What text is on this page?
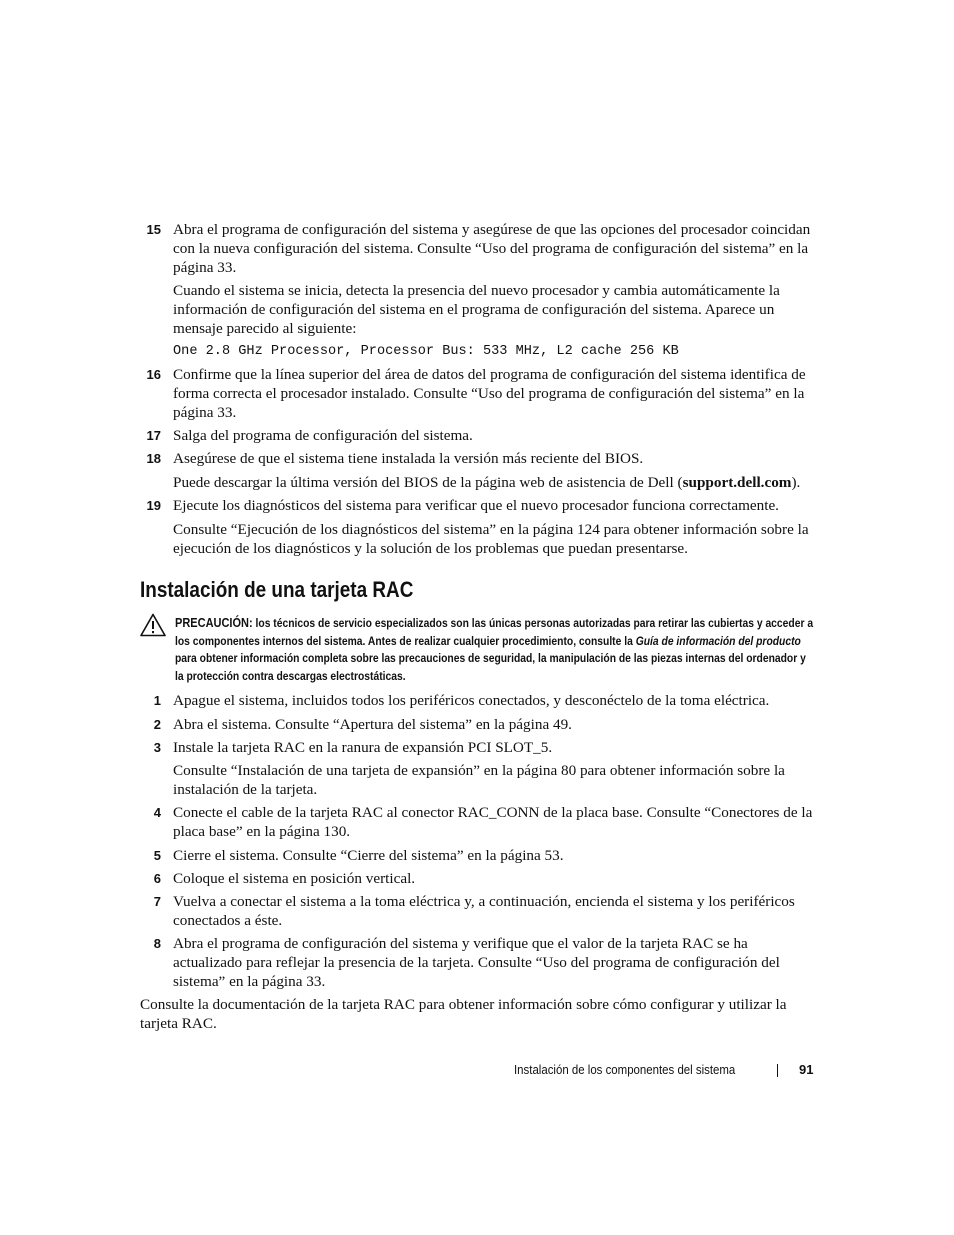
15 Abra el programa de configuración del sistema y asegúrese de que las opciones del procesador coincidan con la nueva configuración del sistema. Consulte “Uso del programa de configuración del sistema” en la página 33.
Cuando el sistema se inicia, detecta la presencia del nuevo procesador y cambia automáticamente la información de configuración del sistema en el programa de configuración del sistema. Aparece un mensaje parecido al siguiente:
One 2.8 GHz Processor, Processor Bus: 533 MHz, L2 cache 256 KB
16 Confirme que la línea superior del área de datos del programa de configuración del sistema identifica de forma correcta el procesador instalado. Consulte “Uso del programa de configuración del sistema” en la página 33.
17 Salga del programa de configuración del sistema.
18 Asegúrese de que el sistema tiene instalada la versión más reciente del BIOS.
Puede descargar la última versión del BIOS de la página web de asistencia de Dell (support.dell.com).
19 Ejecute los diagnósticos del sistema para verificar que el nuevo procesador funciona correctamente.
Consulte “Ejecución de los diagnósticos del sistema” en la página 124 para obtener información sobre la ejecución de los diagnósticos y la solución de los problemas que puedan presentarse.
Instalación de una tarjeta RAC
PRECAUCIÓN: los técnicos de servicio especializados son las únicas personas autorizadas para retirar las cubiertas y acceder a los componentes internos del sistema. Antes de realizar cualquier procedimiento, consulte la Guía de información del producto para obtener información completa sobre las precauciones de seguridad, la manipulación de las piezas internas del ordenador y la protección contra descargas electrostáticas.
1 Apague el sistema, incluidos todos los periféricos conectados, y desconéctelo de la toma eléctrica.
2 Abra el sistema. Consulte “Apertura del sistema” en la página 49.
3 Instale la tarjeta RAC en la ranura de expansión PCI SLOT_5.
Consulte “Instalación de una tarjeta de expansión” en la página 80 para obtener información sobre la instalación de la tarjeta.
4 Conecte el cable de la tarjeta RAC al conector RAC_CONN de la placa base. Consulte “Conectores de la placa base” en la página 130.
5 Cierre el sistema. Consulte “Cierre del sistema” en la página 53.
6 Coloque el sistema en posición vertical.
7 Vuelva a conectar el sistema a la toma eléctrica y, a continuación, encienda el sistema y los periféricos conectados a éste.
8 Abra el programa de configuración del sistema y verifique que el valor de la tarjeta RAC se ha actualizado para reflejar la presencia de la tarjeta. Consulte “Uso del programa de configuración del sistema” en la página 33.
Consulte la documentación de la tarjeta RAC para obtener información sobre cómo configurar y utilizar la tarjeta RAC.
Instalación de los componentes del sistema	91
